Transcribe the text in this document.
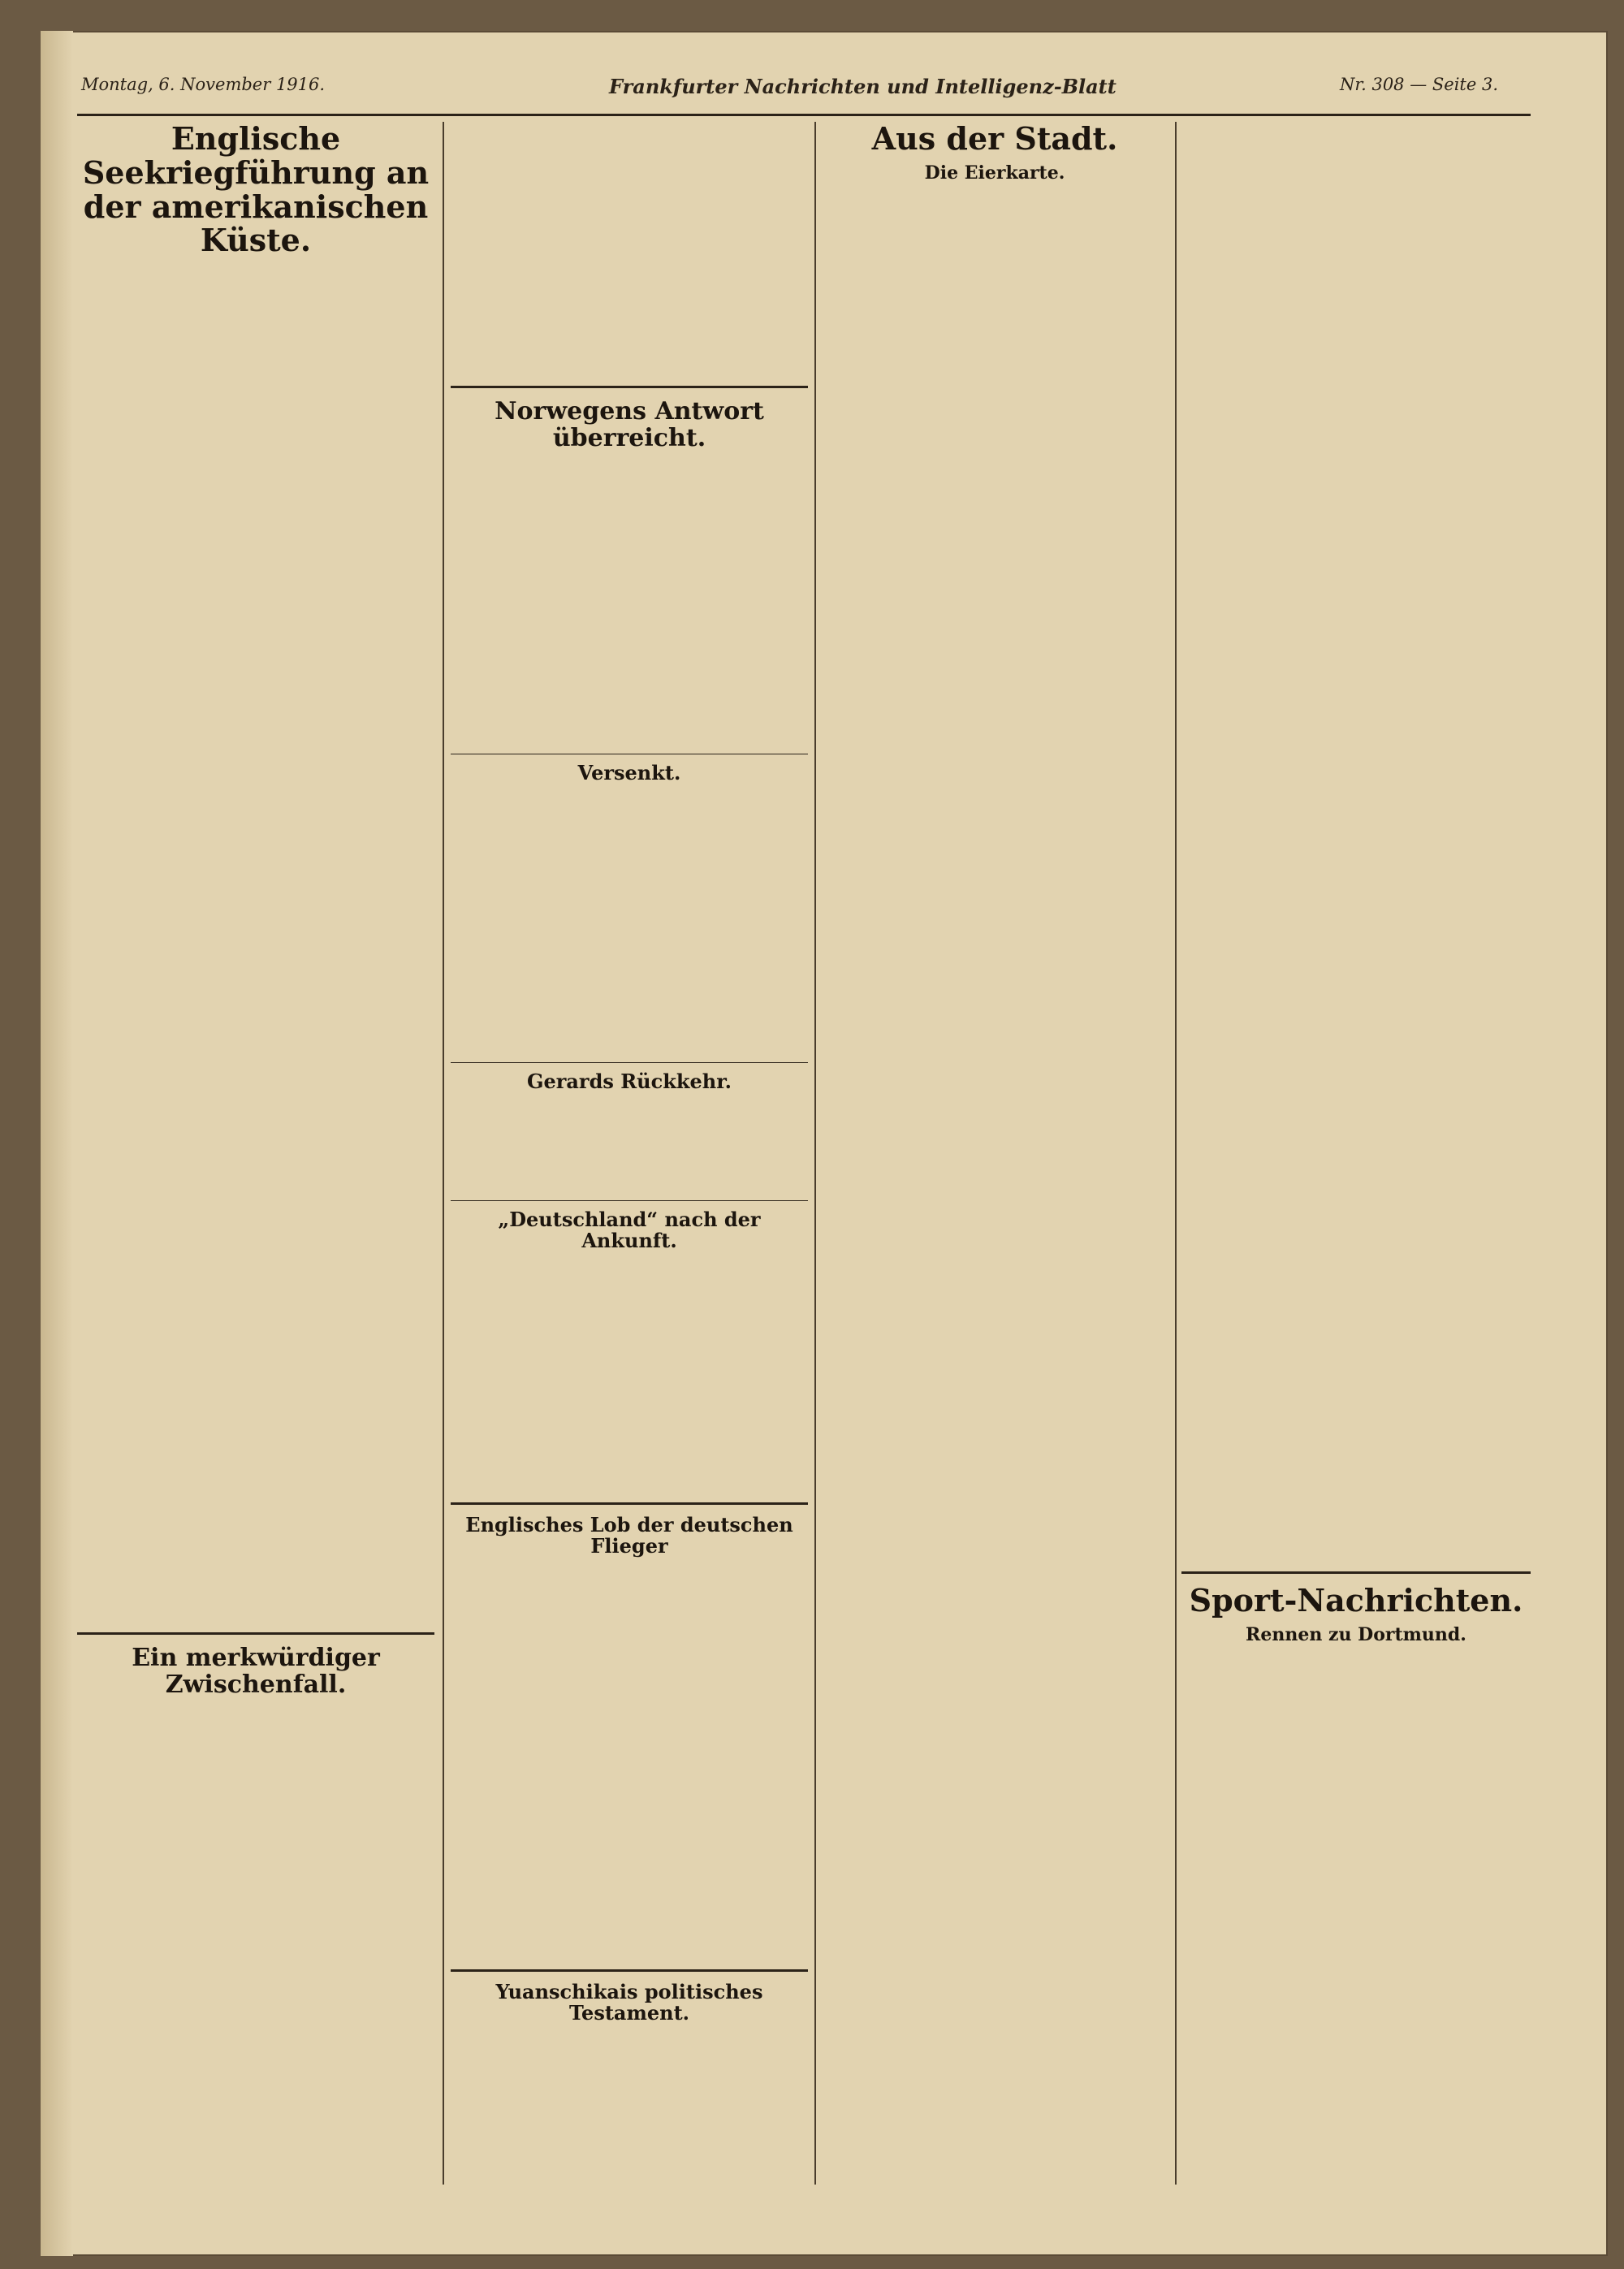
Montag, 6. November 1916.	Frankfurter Nachrichten und Intelligenz-Blatt	Nr. 308 — Seite 3.
Englische Seekriegführung an der amerikanischen Küste.

Ein merkwürdiger Zwischenfall.

Norwegens Antwort überreicht.

Versenkt.

Gerards Rückkehr.

„Deutschland“ nach der Ankunft.

Englisches Lob der deutschen Flieger

Yuanschikais politisches Testament.

Aus der Stadt.
Die Eierkarte.

Sport-Nachrichten.
Rennen zu Dortmund.
